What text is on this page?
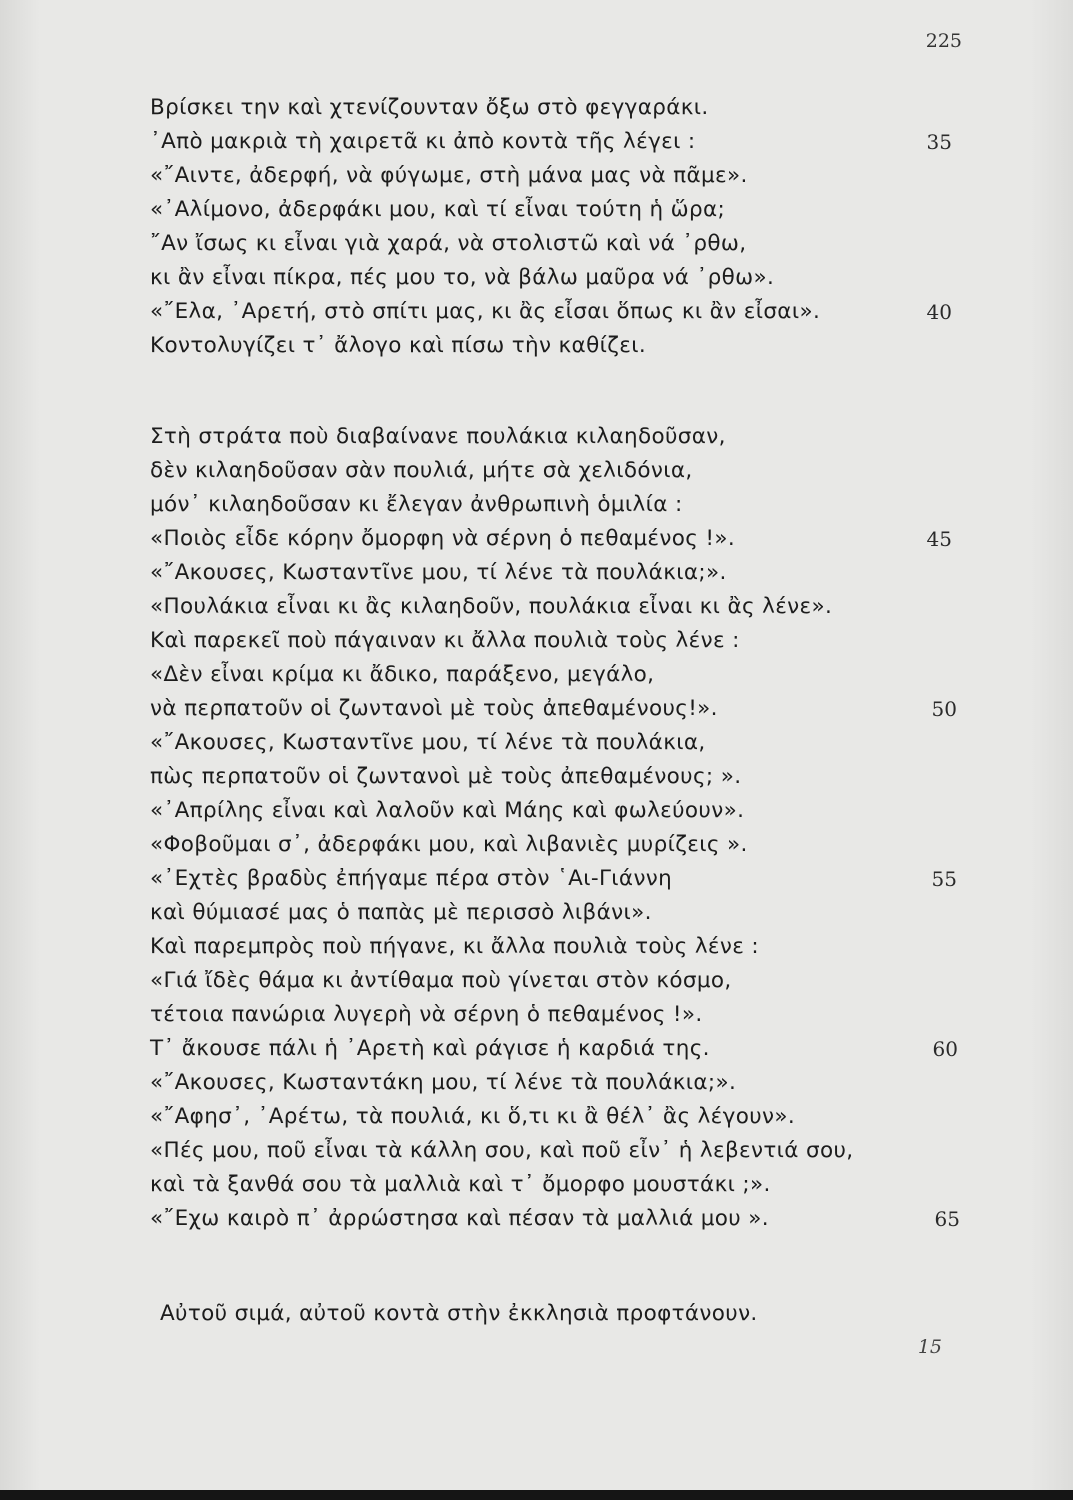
225
Βρίσκει την καὶ χτενίζουνταν ὄξω στὸ φεγγαράκι.
᾿Απὸ μακριὰ τὴ χαιρετᾶ κι ἀπὸ κοντὰ τῆς λέγει :	35
«῎Αιντε, ἀδερφή, νὰ φύγωμε, στὴ μάνα μας νὰ πᾶμε».
«᾿Αλίμονο, ἀδερφάκι μου, καὶ τί εἶναι τούτη ἡ ὥρα;
῎Αν ἴσως κι εἶναι γιὰ χαρά, νὰ στολιστῶ καὶ νά ᾿ρθω,
κι ἂν εἶναι πίκρα, πές μου το, νὰ βάλω μαῦρα νά ᾿ρθω».
«῎Ελα, ᾿Αρετή, στὸ σπίτι μας, κι ἂς εἶσαι ὅπως κι ἂν εἶσαι».	40
Κοντολυγίζει τ᾿ ἄλογο καὶ πίσω τὴν καθίζει.
Στὴ στράτα ποὺ διαβαίνανε πουλάκια κιλαηδοῦσαν,
δὲν κιλαηδοῦσαν σὰν πουλιά, μήτε σὰ χελιδόνια,
μόν᾿ κιλαηδοῦσαν κι ἔλεγαν ἀνθρωπινὴ ὁμιλία :
«Ποιὸς εἶδε κόρην ὄμορφη νὰ σέρνη ὁ πεθαμένος !».	45
«῎Ακουσες, Κωσταντῖνε μου, τί λένε τὰ πουλάκια;».
«Πουλάκια εἶναι κι ἂς κιλαηδοῦν, πουλάκια εἶναι κι ἂς λένε».
Καὶ παρεκεῖ ποὺ πάγαιναν κι ἄλλα πουλιὰ τοὺς λένε :
«Δὲν εἶναι κρίμα κι ἄδικο, παράξενο, μεγάλο,
νὰ περπατοῦν οἱ ζωντανοὶ μὲ τοὺς ἀπεθαμένους!».	50
«῎Ακουσες, Κωσταντῖνε μου, τί λένε τὰ πουλάκια,
πὼς περπατοῦν οἱ ζωντανοὶ μὲ τοὺς ἀπεθαμένους; ».
«᾿Απρίλης εἶναι καὶ λαλοῦν καὶ Μάης καὶ φωλεύουν».
«Φοβοῦμαι σ᾿, ἀδερφάκι μου, καὶ λιβανιὲς μυρίζεις ».
«᾿Εχτὲς βραδὺς ἐπήγαμε πέρα στὸν ῾Αι-Γιάννη	55
καὶ θύμιασέ μας ὁ παπὰς μὲ περισσὸ λιβάνι».
Καὶ παρεμπρὸς ποὺ πήγανε, κι ἄλλα πουλιὰ τοὺς λένε :
«Γιά ἴδὲς θάμα κι ἀντίθαμα ποὺ γίνεται στὸν κόσμο,
τέτοια πανώρια λυγερὴ νὰ σέρνη ὁ πεθαμένος !».
Τ᾿ ἄκουσε πάλι ἡ ᾿Αρετὴ καὶ ράγισε ἡ καρδιά της.	60
«῎Ακουσες, Κωσταντάκη μου, τί λένε τὰ πουλάκια;».
«῎Αφησ᾿, ᾿Αρέτω, τὰ πουλιά, κι ὅ,τι κι ἂ θέλ᾿ ἂς λέγουν».
«Πές μου, ποῦ εἶναι τὰ κάλλη σου, καὶ ποῦ εἶν᾿ ἡ λεβεντιά σου,
καὶ τὰ ξανθά σου τὰ μαλλιὰ καὶ τ᾿ ὄμορφο μουστάκι ;».
«῎Εχω καιρὸ π᾿ ἀρρώστησα καὶ πέσαν τὰ μαλλιά μου ».	65
Αὐτοῦ σιμά, αὐτοῦ κοντὰ στὴν ἐκκλησιὰ προφτάνουν.
15
